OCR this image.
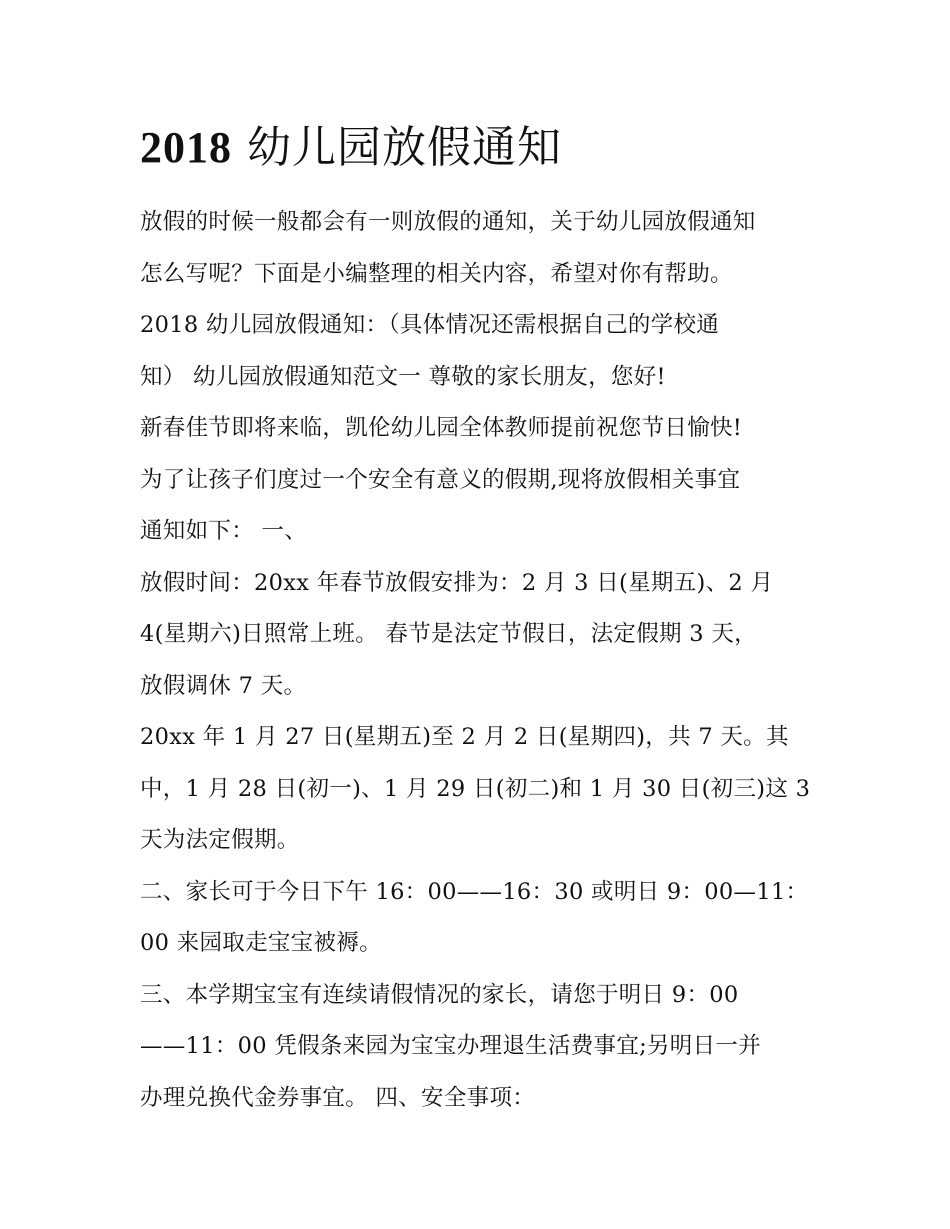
2018 幼儿园放假通知
放假的时候一般都会有一则放假的通知，关于幼儿园放假通知
怎么写呢？下面是小编整理的相关内容，希望对你有帮助。
2018 幼儿园放假通知：（具体情况还需根据自己的学校通
知） 幼儿园放假通知范文一 尊敬的家长朋友，您好!
新春佳节即将来临，凯伦幼儿园全体教师提前祝您节日愉快!
为了让孩子们度过一个安全有意义的假期,现将放假相关事宜
通知如下： 一、
放假时间：20xx 年春节放假安排为：2 月 3 日(星期五)、2 月
4(星期六)日照常上班。 春节是法定节假日，法定假期 3 天，
放假调休 7 天。
20xx 年 1 月 27 日(星期五)至 2 月 2 日(星期四)，共 7 天。其
中，1 月 28 日(初一)、1 月 29 日(初二)和 1 月 30 日(初三)这 3
天为法定假期。
二、家长可于今日下午 16：00——16：30 或明日 9：00—11：
00 来园取走宝宝被褥。
三、本学期宝宝有连续请假情况的家长，请您于明日 9：00
——11：00 凭假条来园为宝宝办理退生活费事宜;另明日一并
办理兑换代金券事宜。 四、安全事项：
